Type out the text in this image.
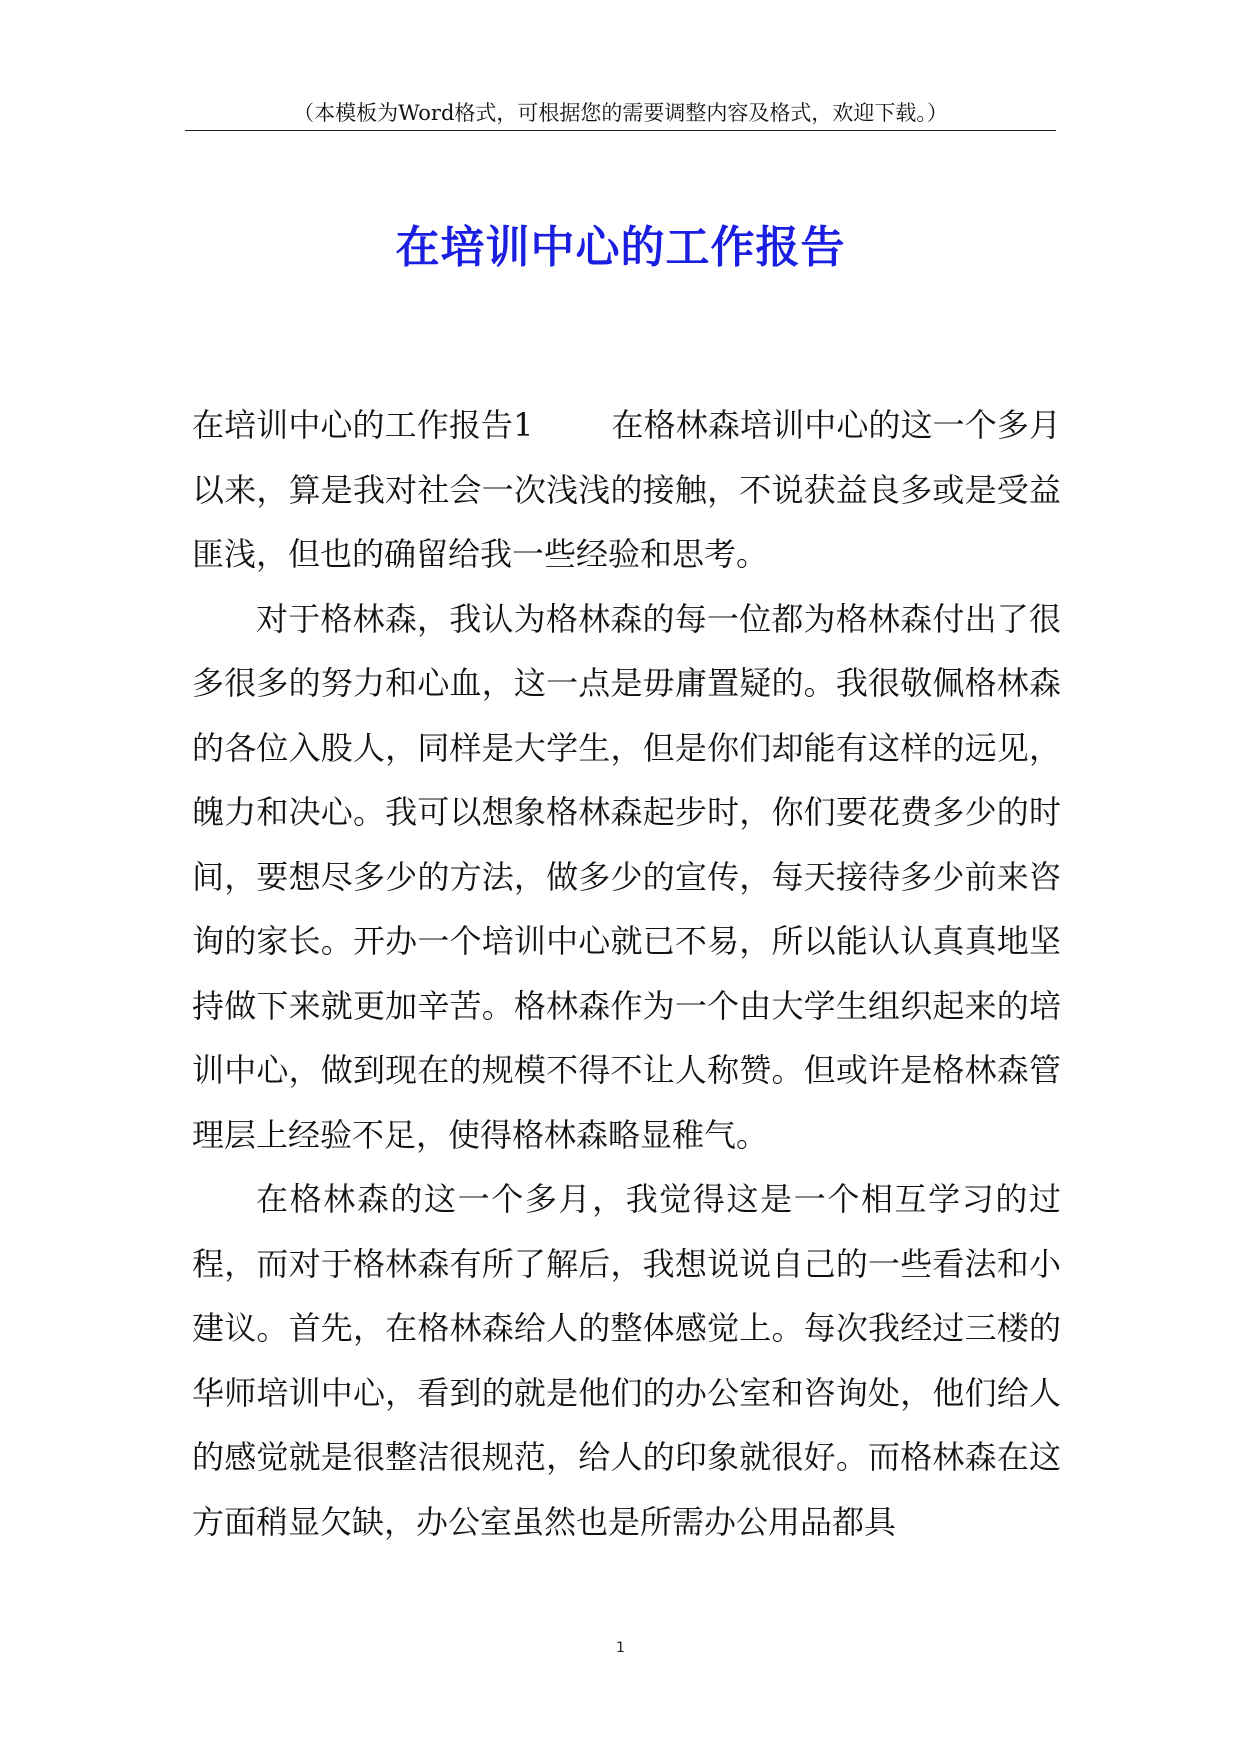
（本模板为Word格式，可根据您的需要调整内容及格式，欢迎下载。）
在培训中心的工作报告

在培训中心的工作报告1 在格林森培训中心的这一个多月以来，算是我对社会一次浅浅的接触，不说获益良多或是受益匪浅，但也的确留给我一些经验和思考。

对于格林森，我认为格林森的每一位都为格林森付出了很多很多的努力和心血，这一点是毋庸置疑的。我很敬佩格林森的各位入股人，同样是大学生，但是你们却能有这样的远见，魄力和决心。我可以想象格林森起步时，你们要花费多少的时间，要想尽多少的方法，做多少的宣传，每天接待多少前来咨询的家长。开办一个培训中心就已不易，所以能认认真真地坚持做下来就更加辛苦。格林森作为一个由大学生组织起来的培训中心，做到现在的规模不得不让人称赞。但或许是格林森管理层上经验不足，使得格林森略显稚气。

在格林森的这一个多月，我觉得这是一个相互学习的过程，而对于格林森有所了解后，我想说说自己的一些看法和小建议。首先，在格林森给人的整体感觉上。每次我经过三楼的华师培训中心，看到的就是他们的办公室和咨询处，他们给人的感觉就是很整洁很规范，给人的印象就很好。而格林森在这方面稍显欠缺，办公室虽然也是所需办公用品都具

1
